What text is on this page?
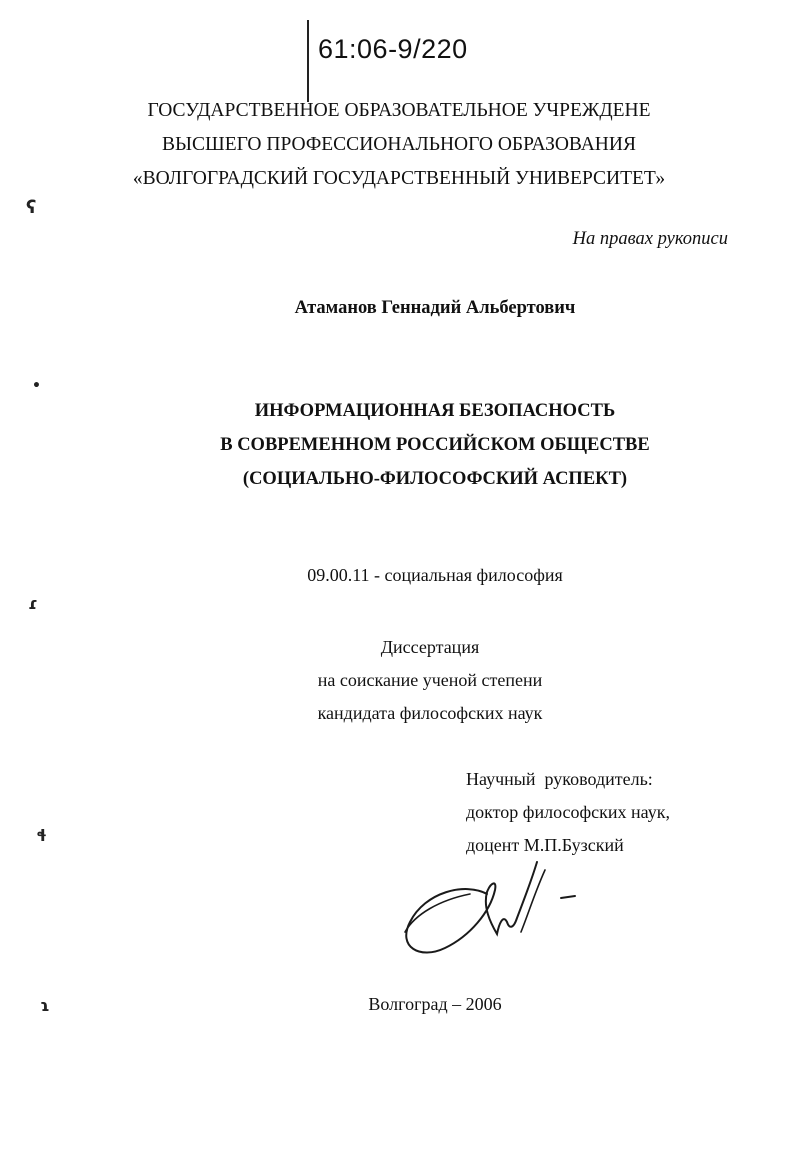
61:06-9/220
ГОСУДАРСТВЕННОЕ ОБРАЗОВАТЕЛЬНОЕ УЧРЕЖДЕНЕ
ВЫСШЕГО ПРОФЕССИОНАЛЬНОГО ОБРАЗОВАНИЯ
«ВОЛГОГРАДСКИЙ ГОСУДАРСТВЕННЫЙ УНИВЕРСИТЕТ»
На правах рукописи
Атаманов Геннадий Альбертович
ИНФОРМАЦИОННАЯ БЕЗОПАСНОСТЬ
В СОВРЕМЕННОМ РОССИЙСКОМ ОБЩЕСТВЕ
(СОЦИАЛЬНО-ФИЛОСОФСКИЙ АСПЕКТ)
09.00.11 - социальная философия
Диссертация
на соискание ученой степени
кандидата философских наук
Научный  руководитель:
доктор философских наук,
доцент М.П.Бузский
Волгоград – 2006
ʕ
•
ɾ
ɬ
ɿ
